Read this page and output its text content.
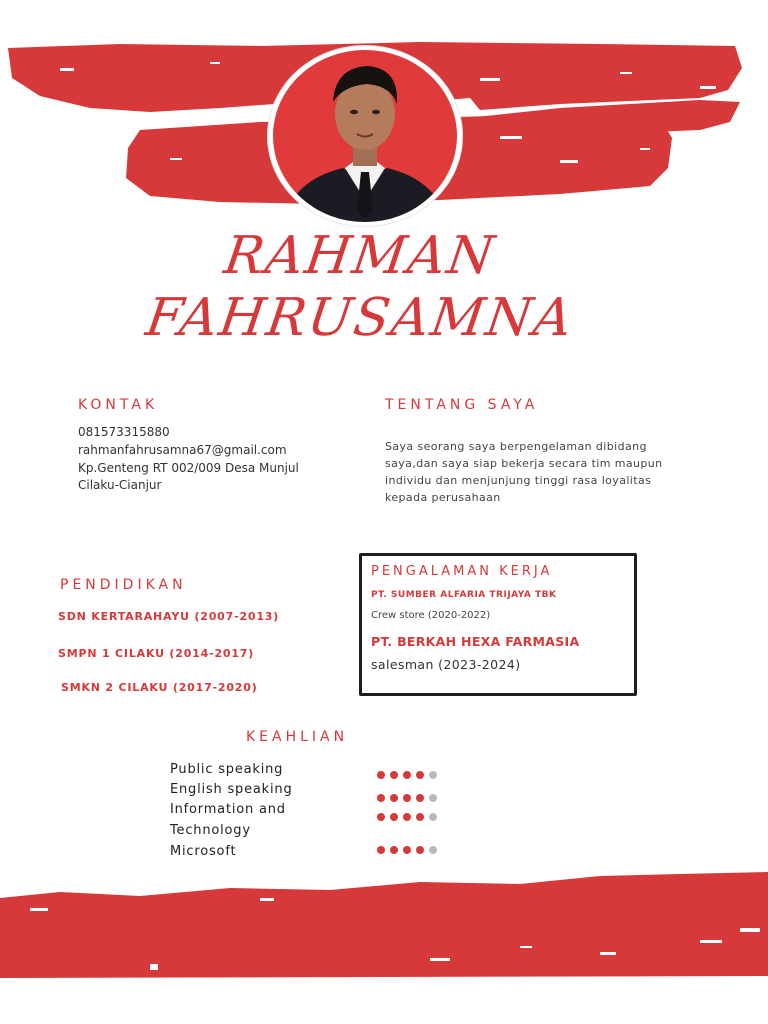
RAHMAN
FAHRUSAMNA
KONTAK
081573315880
rahmanfahrusamna67@gmail.com
Kp.Genteng RT 002/009 Desa Munjul
Cilaku-Cianjur
TENTANG SAYA
Saya seorang saya berpengelaman dibidang
saya,dan saya siap bekerja secara tim maupun
individu dan menjunjung tinggi rasa loyalitas
kepada perusahaan
PENDIDIKAN
SDN KERTARAHAYU (2007-2013)
SMPN 1 CILAKU (2014-2017)
SMKN 2 CILAKU (2017-2020)
PENGALAMAN KERJA
PT. SUMBER ALFARIA TRIJAYA TBK
Crew store (2020-2022)
PT. BERKAH HEXA FARMASIA
salesman (2023-2024)
KEAHLIAN
Public speaking
English speaking
Information and
Technology
Microsoft
